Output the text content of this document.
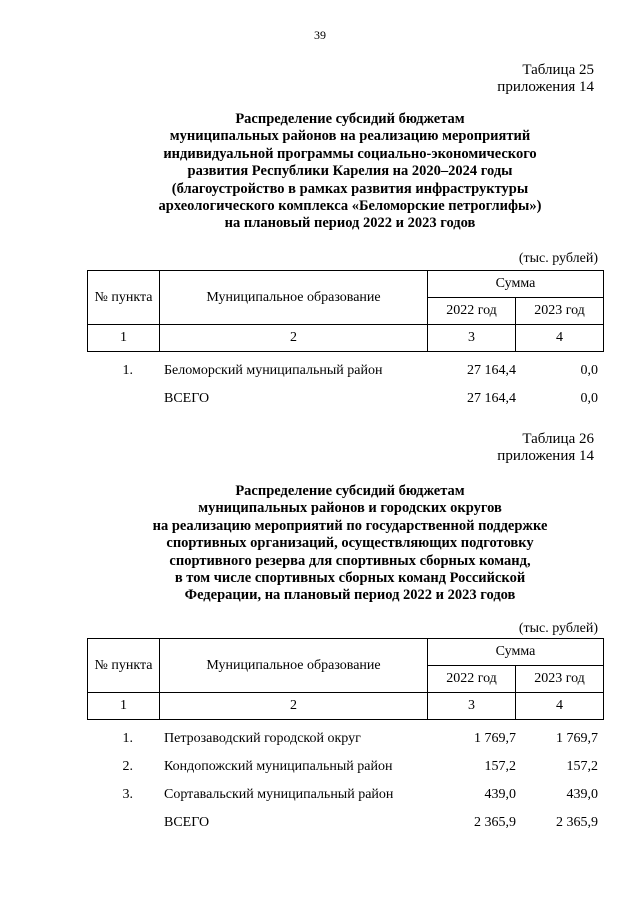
39
Таблица 25
приложения 14
Распределение субсидий бюджетам
муниципальных районов на реализацию мероприятий
индивидуальной программы социально-экономического
развития Республики Карелия на 2020–2024 годы
(благоустройство в рамках развития инфраструктуры
археологического комплекса «Беломорские петроглифы»)
на плановый период 2022 и 2023 годов
(тыс. рублей)
№ пункта	Муниципальное образование	Сумма	
		2022 год	2023 год
1	2	3	4
1. Беломорский муниципальный район	27 164,4	0,0
ВСЕГО	27 164,4	0,0
Таблица 26
приложения 14
Распределение субсидий бюджетам
муниципальных районов и городских округов
на реализацию мероприятий по государственной поддержке
спортивных организаций, осуществляющих подготовку
спортивного резерва для спортивных сборных команд,
в том числе спортивных сборных команд Российской
Федерации, на плановый период 2022 и 2023 годов
(тыс. рублей)
№ пункта	Муниципальное образование	Сумма	
		2022 год	2023 год
1	2	3	4
1. Петрозаводский городской округ	1 769,7	1 769,7
2. Кондопожский муниципальный район	157,2	157,2
3. Сортавальский муниципальный район	439,0	439,0
ВСЕГО	2 365,9	2 365,9
